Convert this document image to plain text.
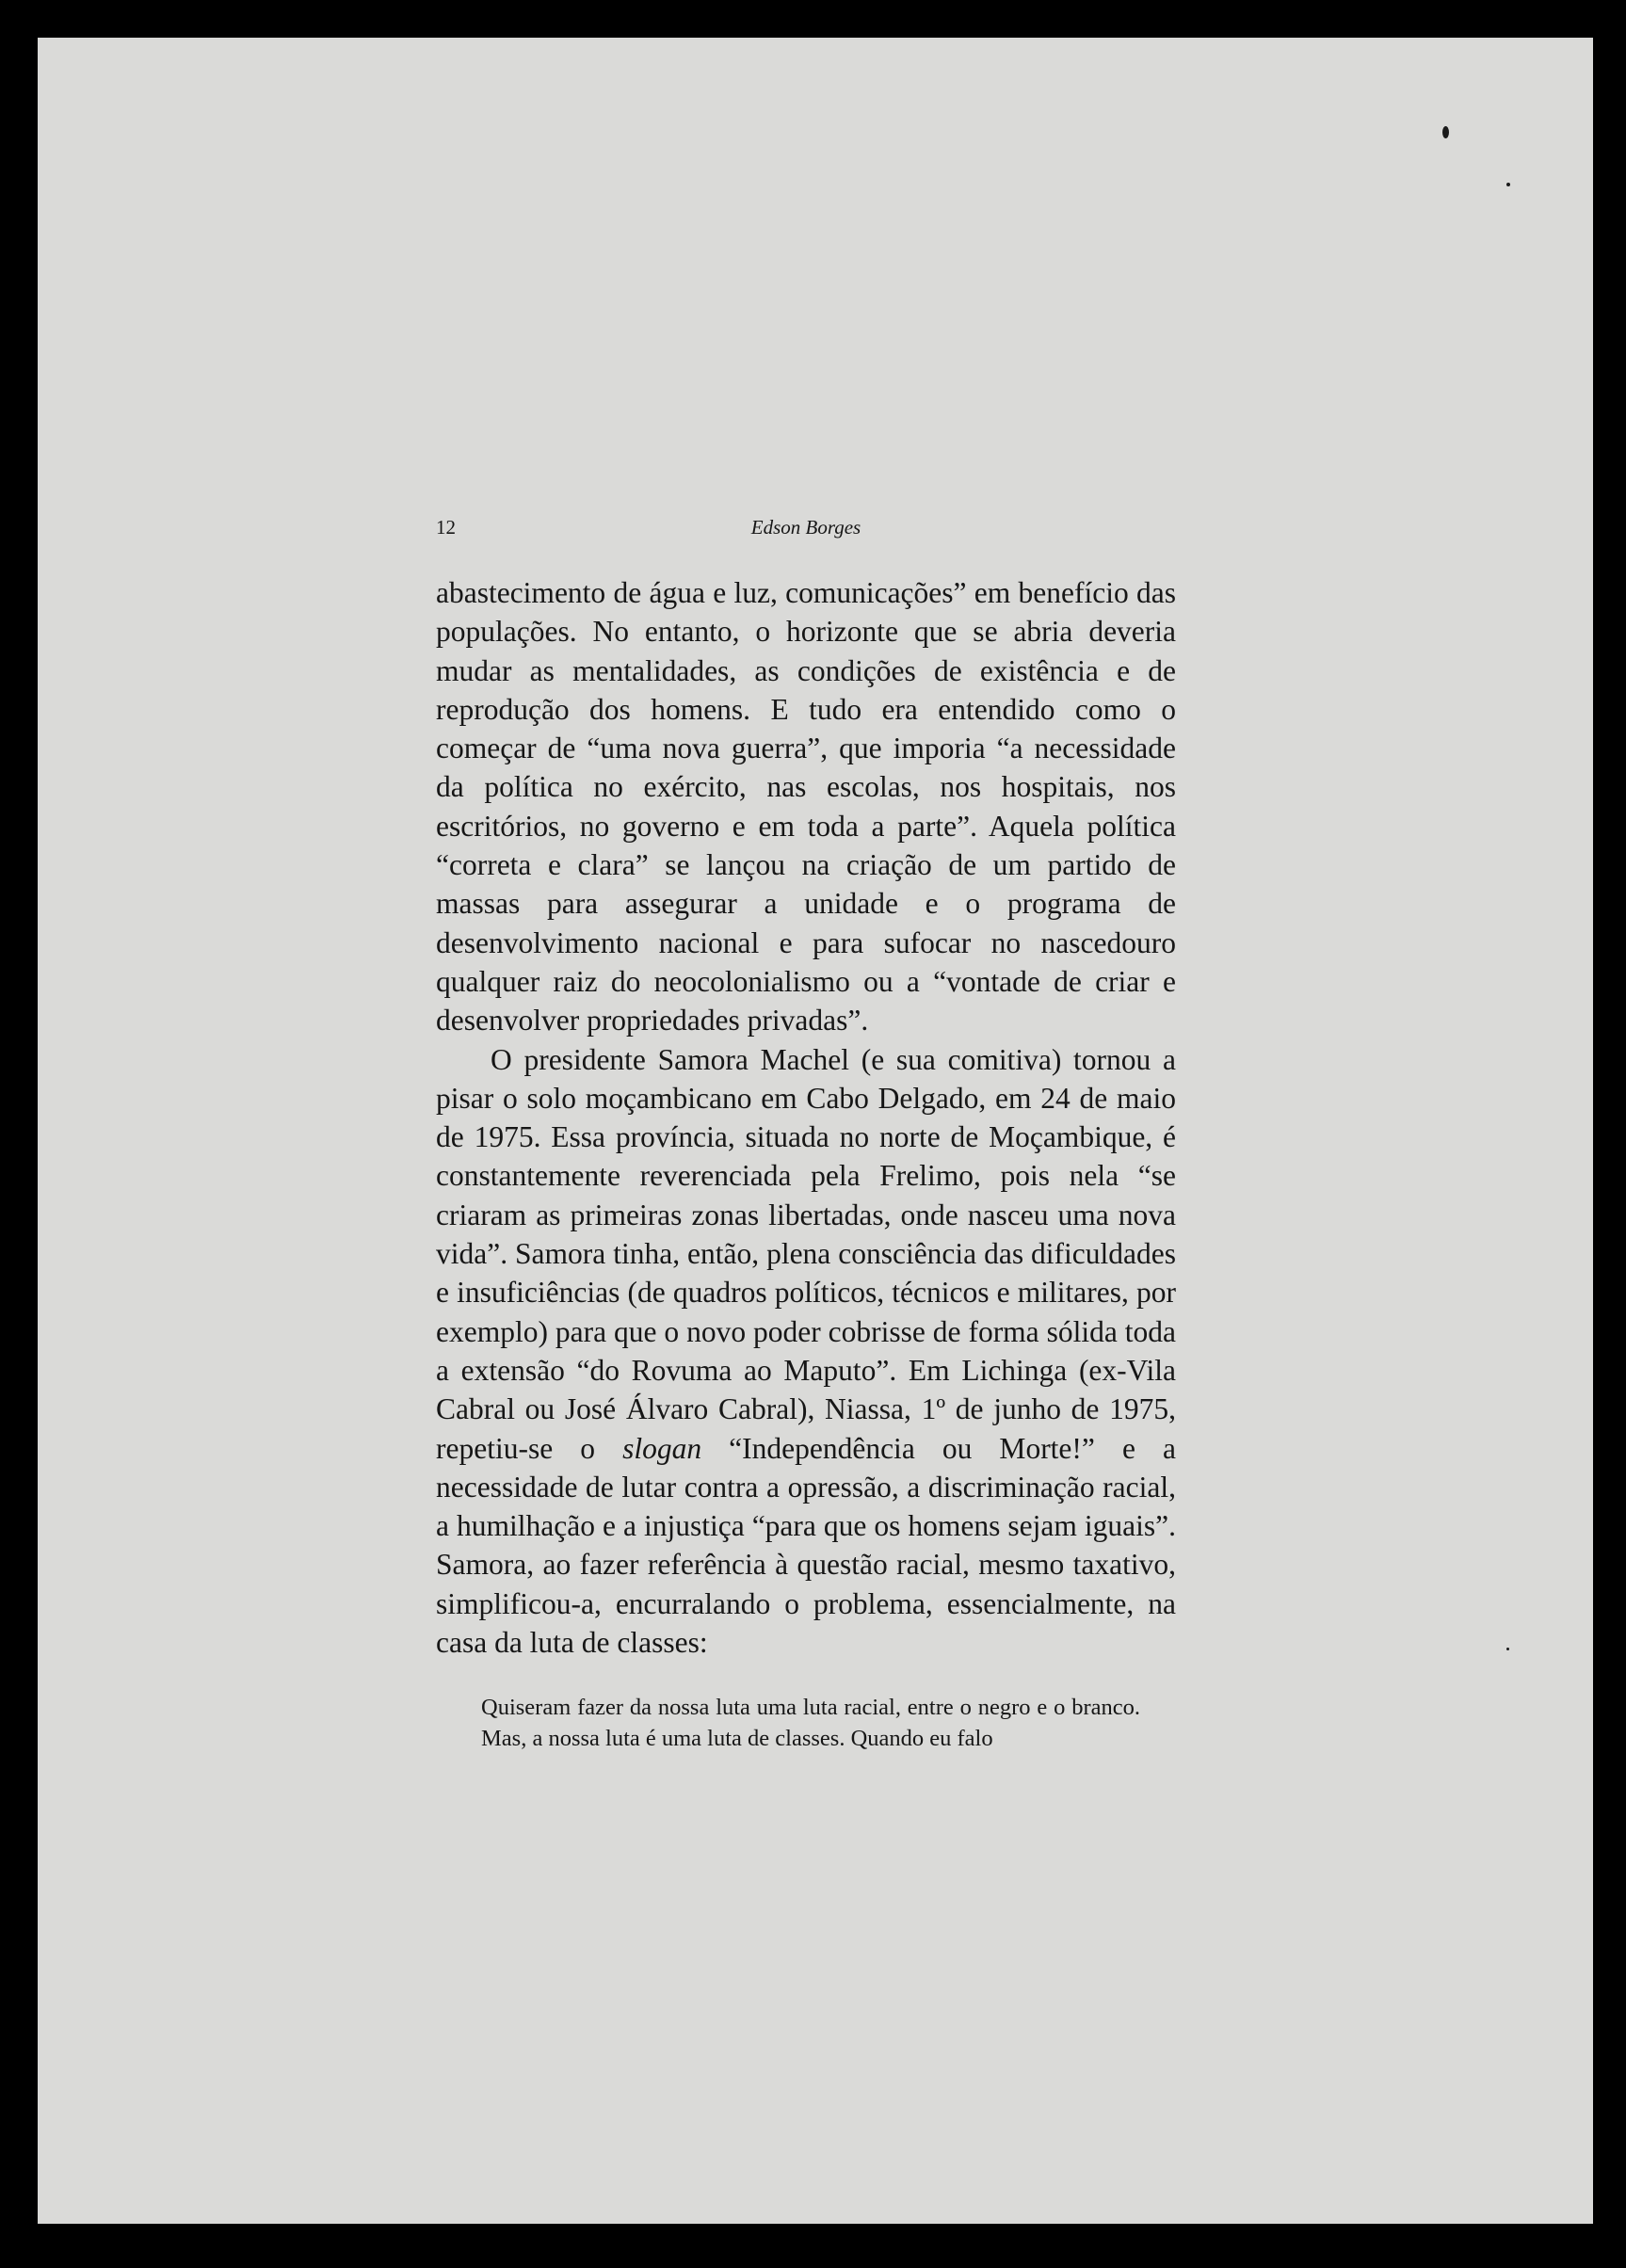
12	Edson Borges

abastecimento de água e luz, comunicações” em benefício das populações. No entanto, o horizonte que se abria deveria mudar as mentalidades, as condições de existência e de reprodução dos homens. E tudo era entendido como o começar de “uma nova guerra”, que imporia “a necessidade da política no exército, nas escolas, nos hospitais, nos escritórios, no governo e em toda a parte”. Aquela política “correta e clara” se lançou na criação de um partido de massas para assegurar a unidade e o programa de desenvolvimento nacional e para sufocar no nascedouro qualquer raiz do neocolonialismo ou a “vontade de criar e desenvolver propriedades privadas”.

O presidente Samora Machel (e sua comitiva) tornou a pisar o solo moçambicano em Cabo Delgado, em 24 de maio de 1975. Essa província, situada no norte de Moçambique, é constantemente reverenciada pela Frelimo, pois nela “se criaram as primeiras zonas libertadas, onde nasceu uma nova vida”. Samora tinha, então, plena consciência das dificuldades e insuficiências (de quadros políticos, técnicos e militares, por exemplo) para que o novo poder cobrisse de forma sólida toda a extensão “do Rovuma ao Maputo”. Em Lichinga (ex-Vila Cabral ou José Álvaro Cabral), Niassa, 1º de junho de 1975, repetiu-se o slogan “Independência ou Morte!” e a necessidade de lutar contra a opressão, a discriminação racial, a humilhação e a injustiça “para que os homens sejam iguais”. Samora, ao fazer referência à questão racial, mesmo taxativo, simplificou-a, encurralando o problema, essencialmente, na casa da luta de classes:

Quiseram fazer da nossa luta uma luta racial, entre o negro e o branco. Mas, a nossa luta é uma luta de classes. Quando eu falo
